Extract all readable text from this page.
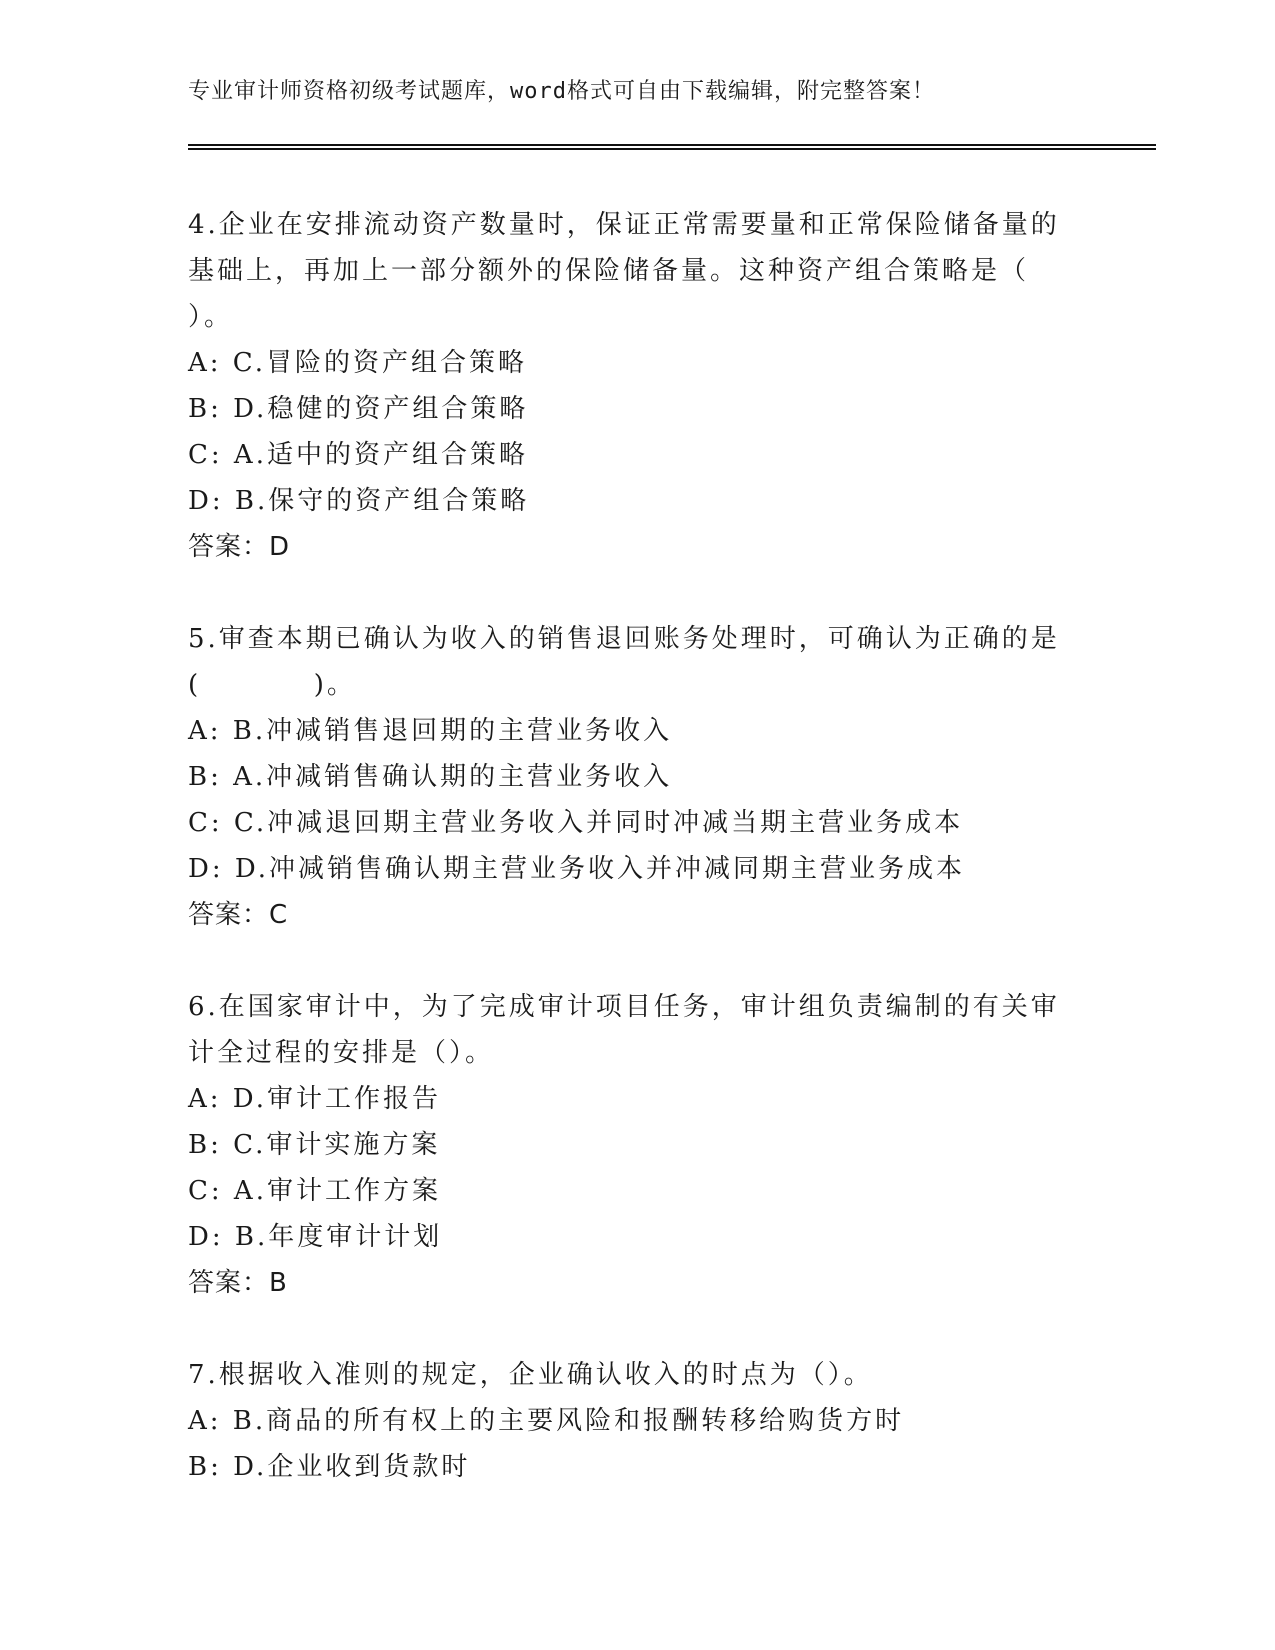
专业审计师资格初级考试题库，word格式可自由下载编辑，附完整答案！

4.企业在安排流动资产数量时，保证正常需要量和正常保险储备量的基础上，再加上一部分额外的保险储备量。这种资产组合策略是（ ）。

A: C.冒险的资产组合策略

B: D.稳健的资产组合策略

C: A.适中的资产组合策略

D: B.保守的资产组合策略

答案：D

5.审查本期已确认为收入的销售退回账务处理时，可确认为正确的是(          )。

A: B.冲减销售退回期的主营业务收入

B: A.冲减销售确认期的主营业务收入

C: C.冲减退回期主营业务收入并同时冲减当期主营业务成本

D: D.冲减销售确认期主营业务收入并冲减同期主营业务成本

答案：C

6.在国家审计中，为了完成审计项目任务，审计组负责编制的有关审计全过程的安排是（）。

A: D.审计工作报告

B: C.审计实施方案

C: A.审计工作方案

D: B.年度审计计划

答案：B

7.根据收入准则的规定，企业确认收入的时点为（）。

A: B.商品的所有权上的主要风险和报酬转移给购货方时

B: D.企业收到货款时
